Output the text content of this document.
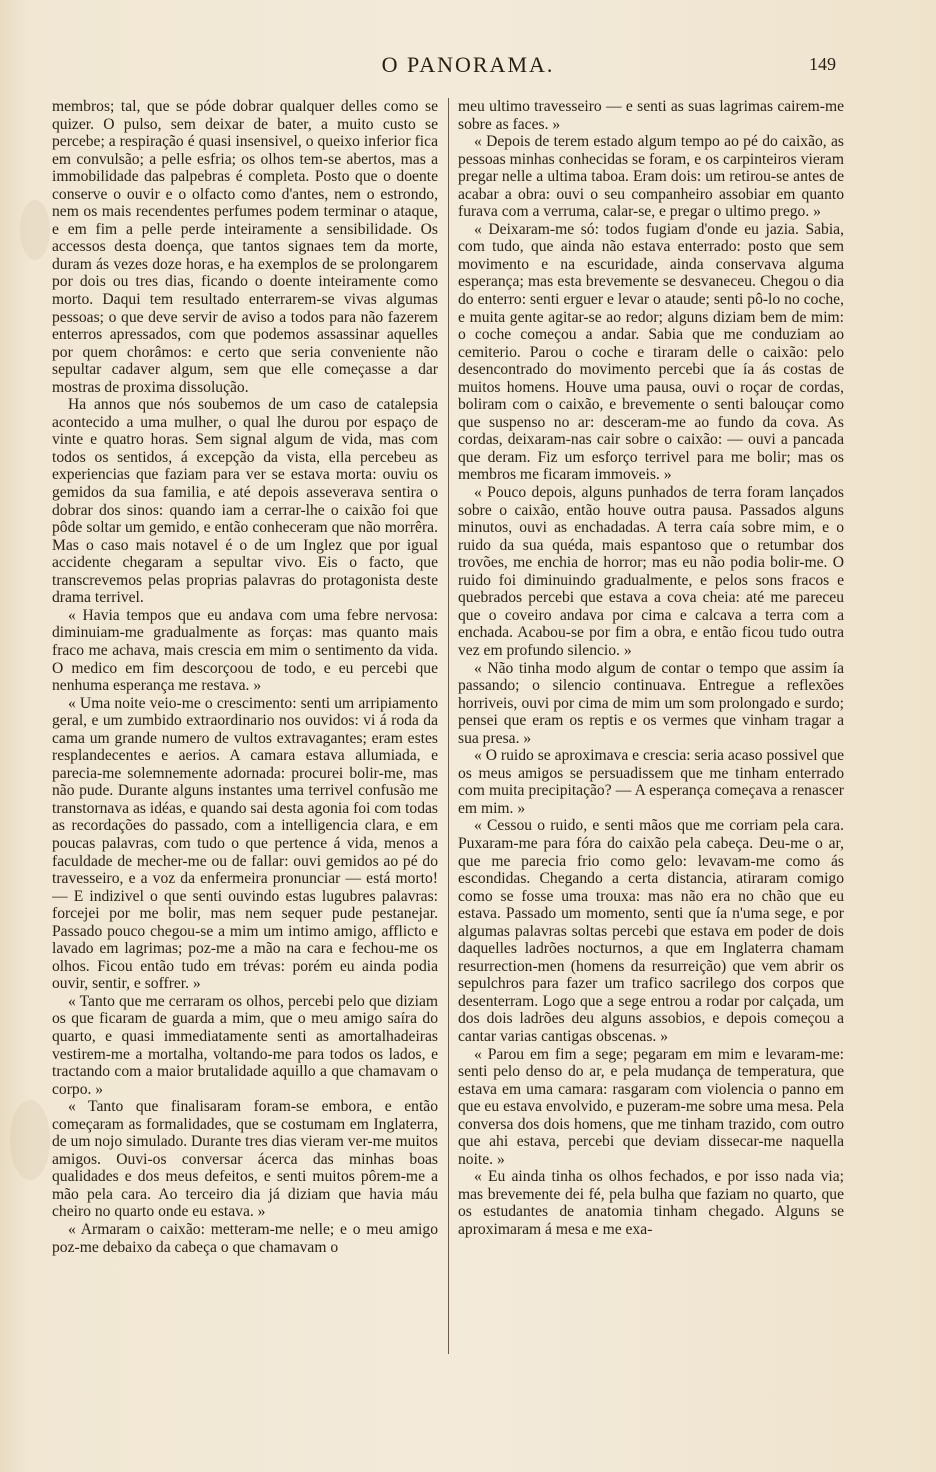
O PANORAMA.	149

membros; tal, que se póde dobrar qualquer delles como se quizer. O pulso, sem deixar de bater, a muito custo se percebe; a respiração é quasi insensivel, o queixo inferior fica em convulsão; a pelle esfria; os olhos tem-se abertos, mas a immobilidade das palpebras é completa. Posto que o doente conserve o ouvir e o olfacto como d'antes, nem o estrondo, nem os mais recendentes perfumes podem terminar o ataque, e em fim a pelle perde inteiramente a sensibilidade. Os accessos desta doença, que tantos signaes tem da morte, duram ás vezes doze horas, e ha exemplos de se prolongarem por dois ou tres dias, ficando o doente inteiramente como morto. Daqui tem resultado enterrarem-se vivas algumas pessoas; o que deve servir de aviso a todos para não fazerem enterros apressados, com que podemos assassinar aquelles por quem chorâmos: e certo que seria conveniente não sepultar cadaver algum, sem que elle começasse a dar mostras de proxima dissolução.

Ha annos que nós soubemos de um caso de catalepsia acontecido a uma mulher, o qual lhe durou por espaço de vinte e quatro horas. Sem signal algum de vida, mas com todos os sentidos, á excepção da vista, ella percebeu as experiencias que faziam para ver se estava morta: ouviu os gemidos da sua familia, e até depois asseverava sentira o dobrar dos sinos: quando iam a cerrar-lhe o caixão foi que pôde soltar um gemido, e então conheceram que não morrêra. Mas o caso mais notavel é o de um Inglez que por igual accidente chegaram a sepultar vivo. Eis o facto, que transcrevemos pelas proprias palavras do protagonista deste drama terrivel.

« Havia tempos que eu andava com uma febre nervosa: diminuiam-me gradualmente as forças: mas quanto mais fraco me achava, mais crescia em mim o sentimento da vida. O medico em fim descorçoou de todo, e eu percebi que nenhuma esperança me restava. »

« Uma noite veio-me o crescimento: senti um arripiamento geral, e um zumbido extraordinario nos ouvidos: vi á roda da cama um grande numero de vultos extravagantes; eram estes resplandecentes e aerios. A camara estava allumiada, e parecia-me solemnemente adornada: procurei bolir-me, mas não pude. Durante alguns instantes uma terrivel confusão me transtornava as idéas, e quando sai desta agonia foi com todas as recordações do passado, com a intelligencia clara, e em poucas palavras, com tudo o que pertence á vida, menos a faculdade de mecher-me ou de fallar: ouvi gemidos ao pé do travesseiro, e a voz da enfermeira pronunciar — está morto! — E indizivel o que senti ouvindo estas lugubres palavras: forcejei por me bolir, mas nem sequer pude pestanejar. Passado pouco chegou-se a mim um intimo amigo, afflicto e lavado em lagrimas; poz-me a mão na cara e fechou-me os olhos. Ficou então tudo em trévas: porém eu ainda podia ouvir, sentir, e soffrer. »

« Tanto que me cerraram os olhos, percebi pelo que diziam os que ficaram de guarda a mim, que o meu amigo saíra do quarto, e quasi immediatamente senti as amortalhadeiras vestirem-me a mortalha, voltando-me para todos os lados, e tractando com a maior brutalidade aquillo a que chamavam o corpo. »

« Tanto que finalisaram foram-se embora, e então começaram as formalidades, que se costumam em Inglaterra, de um nojo simulado. Durante tres dias vieram ver-me muitos amigos. Ouvi-os conversar ácerca das minhas boas qualidades e dos meus defeitos, e senti muitos pôrem-me a mão pela cara. Ao terceiro dia já diziam que havia máu cheiro no quarto onde eu estava. »

« Armaram o caixão: metteram-me nelle; e o meu amigo poz-me debaixo da cabeça o que chamavam o

meu ultimo travesseiro — e senti as suas lagrimas cairem-me sobre as faces. »

« Depois de terem estado algum tempo ao pé do caixão, as pessoas minhas conhecidas se foram, e os carpinteiros vieram pregar nelle a ultima taboa. Eram dois: um retirou-se antes de acabar a obra: ouvi o seu companheiro assobiar em quanto furava com a verruma, calar-se, e pregar o ultimo prego. »

« Deixaram-me só: todos fugiam d'onde eu jazia. Sabia, com tudo, que ainda não estava enterrado: posto que sem movimento e na escuridade, ainda conservava alguma esperança; mas esta brevemente se desvaneceu. Chegou o dia do enterro: senti erguer e levar o ataude; senti pô-lo no coche, e muita gente agitar-se ao redor; alguns diziam bem de mim: o coche começou a andar. Sabia que me conduziam ao cemiterio. Parou o coche e tiraram delle o caixão: pelo desencontrado do movimento percebi que ía ás costas de muitos homens. Houve uma pausa, ouvi o roçar de cordas, boliram com o caixão, e brevemente o senti balouçar como que suspenso no ar: desceram-me ao fundo da cova. As cordas, deixaram-nas cair sobre o caixão: — ouvi a pancada que deram. Fiz um esforço terrivel para me bolir; mas os membros me ficaram immoveis. »

« Pouco depois, alguns punhados de terra foram lançados sobre o caixão, então houve outra pausa. Passados alguns minutos, ouvi as enchadadas. A terra caía sobre mim, e o ruido da sua quéda, mais espantoso que o retumbar dos trovões, me enchia de horror; mas eu não podia bolir-me. O ruido foi diminuindo gradualmente, e pelos sons fracos e quebrados percebi que estava a cova cheia: até me pareceu que o coveiro andava por cima e calcava a terra com a enchada. Acabou-se por fim a obra, e então ficou tudo outra vez em profundo silencio. »

« Não tinha modo algum de contar o tempo que assim ía passando; o silencio continuava. Entregue a reflexões horriveis, ouvi por cima de mim um som prolongado e surdo; pensei que eram os reptis e os vermes que vinham tragar a sua presa. »

« O ruido se aproximava e crescia: seria acaso possivel que os meus amigos se persuadissem que me tinham enterrado com muita precipitação? — A esperança começava a renascer em mim. »

« Cessou o ruido, e senti mãos que me corriam pela cara. Puxaram-me para fóra do caixão pela cabeça. Deu-me o ar, que me parecia frio como gelo: levavam-me como ás escondidas. Chegando a certa distancia, atiraram comigo como se fosse uma trouxa: mas não era no chão que eu estava. Passado um momento, senti que ía n'uma sege, e por algumas palavras soltas percebi que estava em poder de dois daquelles ladrões nocturnos, a que em Inglaterra chamam resurrection-men (homens da resurreição) que vem abrir os sepulchros para fazer um trafico sacrilego dos corpos que desenterram. Logo que a sege entrou a rodar por calçada, um dos dois ladrões deu alguns assobios, e depois começou a cantar varias cantigas obscenas. »

« Parou em fim a sege; pegaram em mim e levaram-me: senti pelo denso do ar, e pela mudança de temperatura, que estava em uma camara: rasgaram com violencia o panno em que eu estava envolvido, e puzeram-me sobre uma mesa. Pela conversa dos dois homens, que me tinham trazido, com outro que ahi estava, percebi que deviam dissecar-me naquella noite. »

« Eu ainda tinha os olhos fechados, e por isso nada via; mas brevemente dei fé, pela bulha que faziam no quarto, que os estudantes de anatomia tinham chegado. Alguns se aproximaram á mesa e me exa-
